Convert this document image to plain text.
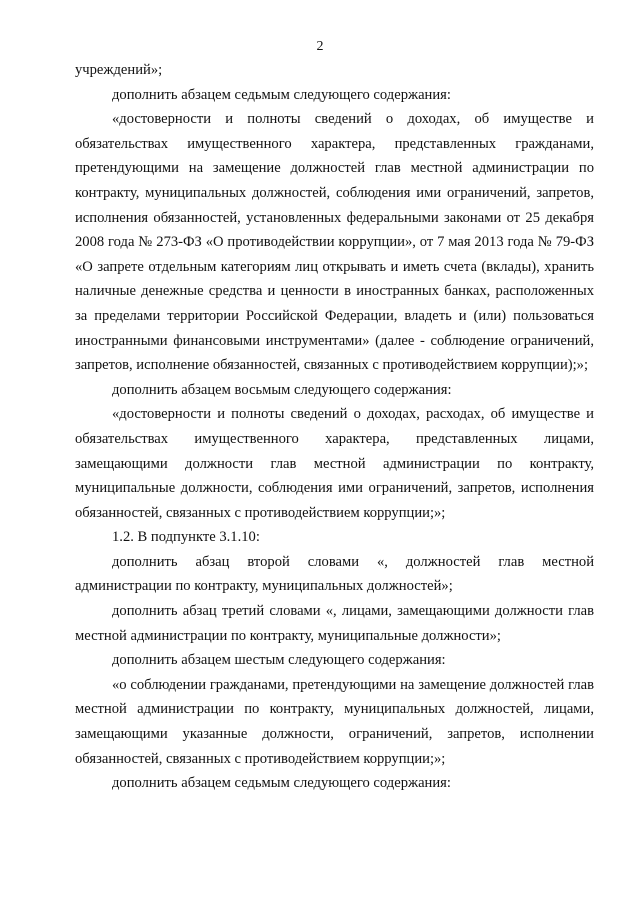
2

учреждений»;

дополнить абзацем седьмым следующего содержания:

«достоверности и полноты сведений о доходах, об имуществе и обязательствах имущественного характера, представленных гражданами, претендующими на замещение должностей глав местной администрации по контракту, муниципальных должностей, соблюдения ими ограничений, запретов, исполнения обязанностей, установленных федеральными законами от 25 декабря 2008 года № 273-ФЗ «О противодействии коррупции», от 7 мая 2013 года № 79-ФЗ «О запрете отдельным категориям лиц открывать и иметь счета (вклады), хранить наличные денежные средства и ценности в иностранных банках, расположенных за пределами территории Российской Федерации, владеть и (или) пользоваться иностранными финансовыми инструментами» (далее - соблюдение ограничений, запретов, исполнение обязанностей, связанных с противодействием коррупции);»;

дополнить абзацем восьмым следующего содержания:

«достоверности и полноты сведений о доходах, расходах, об имуществе и обязательствах имущественного характера, представленных лицами, замещающими должности глав местной администрации по контракту, муниципальные должности, соблюдения ими ограничений, запретов, исполнения обязанностей, связанных с противодействием коррупции;»;

1.2. В подпункте 3.1.10:

дополнить абзац второй словами «, должностей глав местной администрации по контракту, муниципальных должностей»;

дополнить абзац третий словами «, лицами, замещающими должности глав местной администрации по контракту, муниципальные должности»;

дополнить абзацем шестым следующего содержания:

«о соблюдении гражданами, претендующими на замещение должностей глав местной администрации по контракту, муниципальных должностей, лицами, замещающими указанные должности, ограничений, запретов, исполнении обязанностей, связанных с противодействием коррупции;»;

дополнить абзацем седьмым следующего содержания:
